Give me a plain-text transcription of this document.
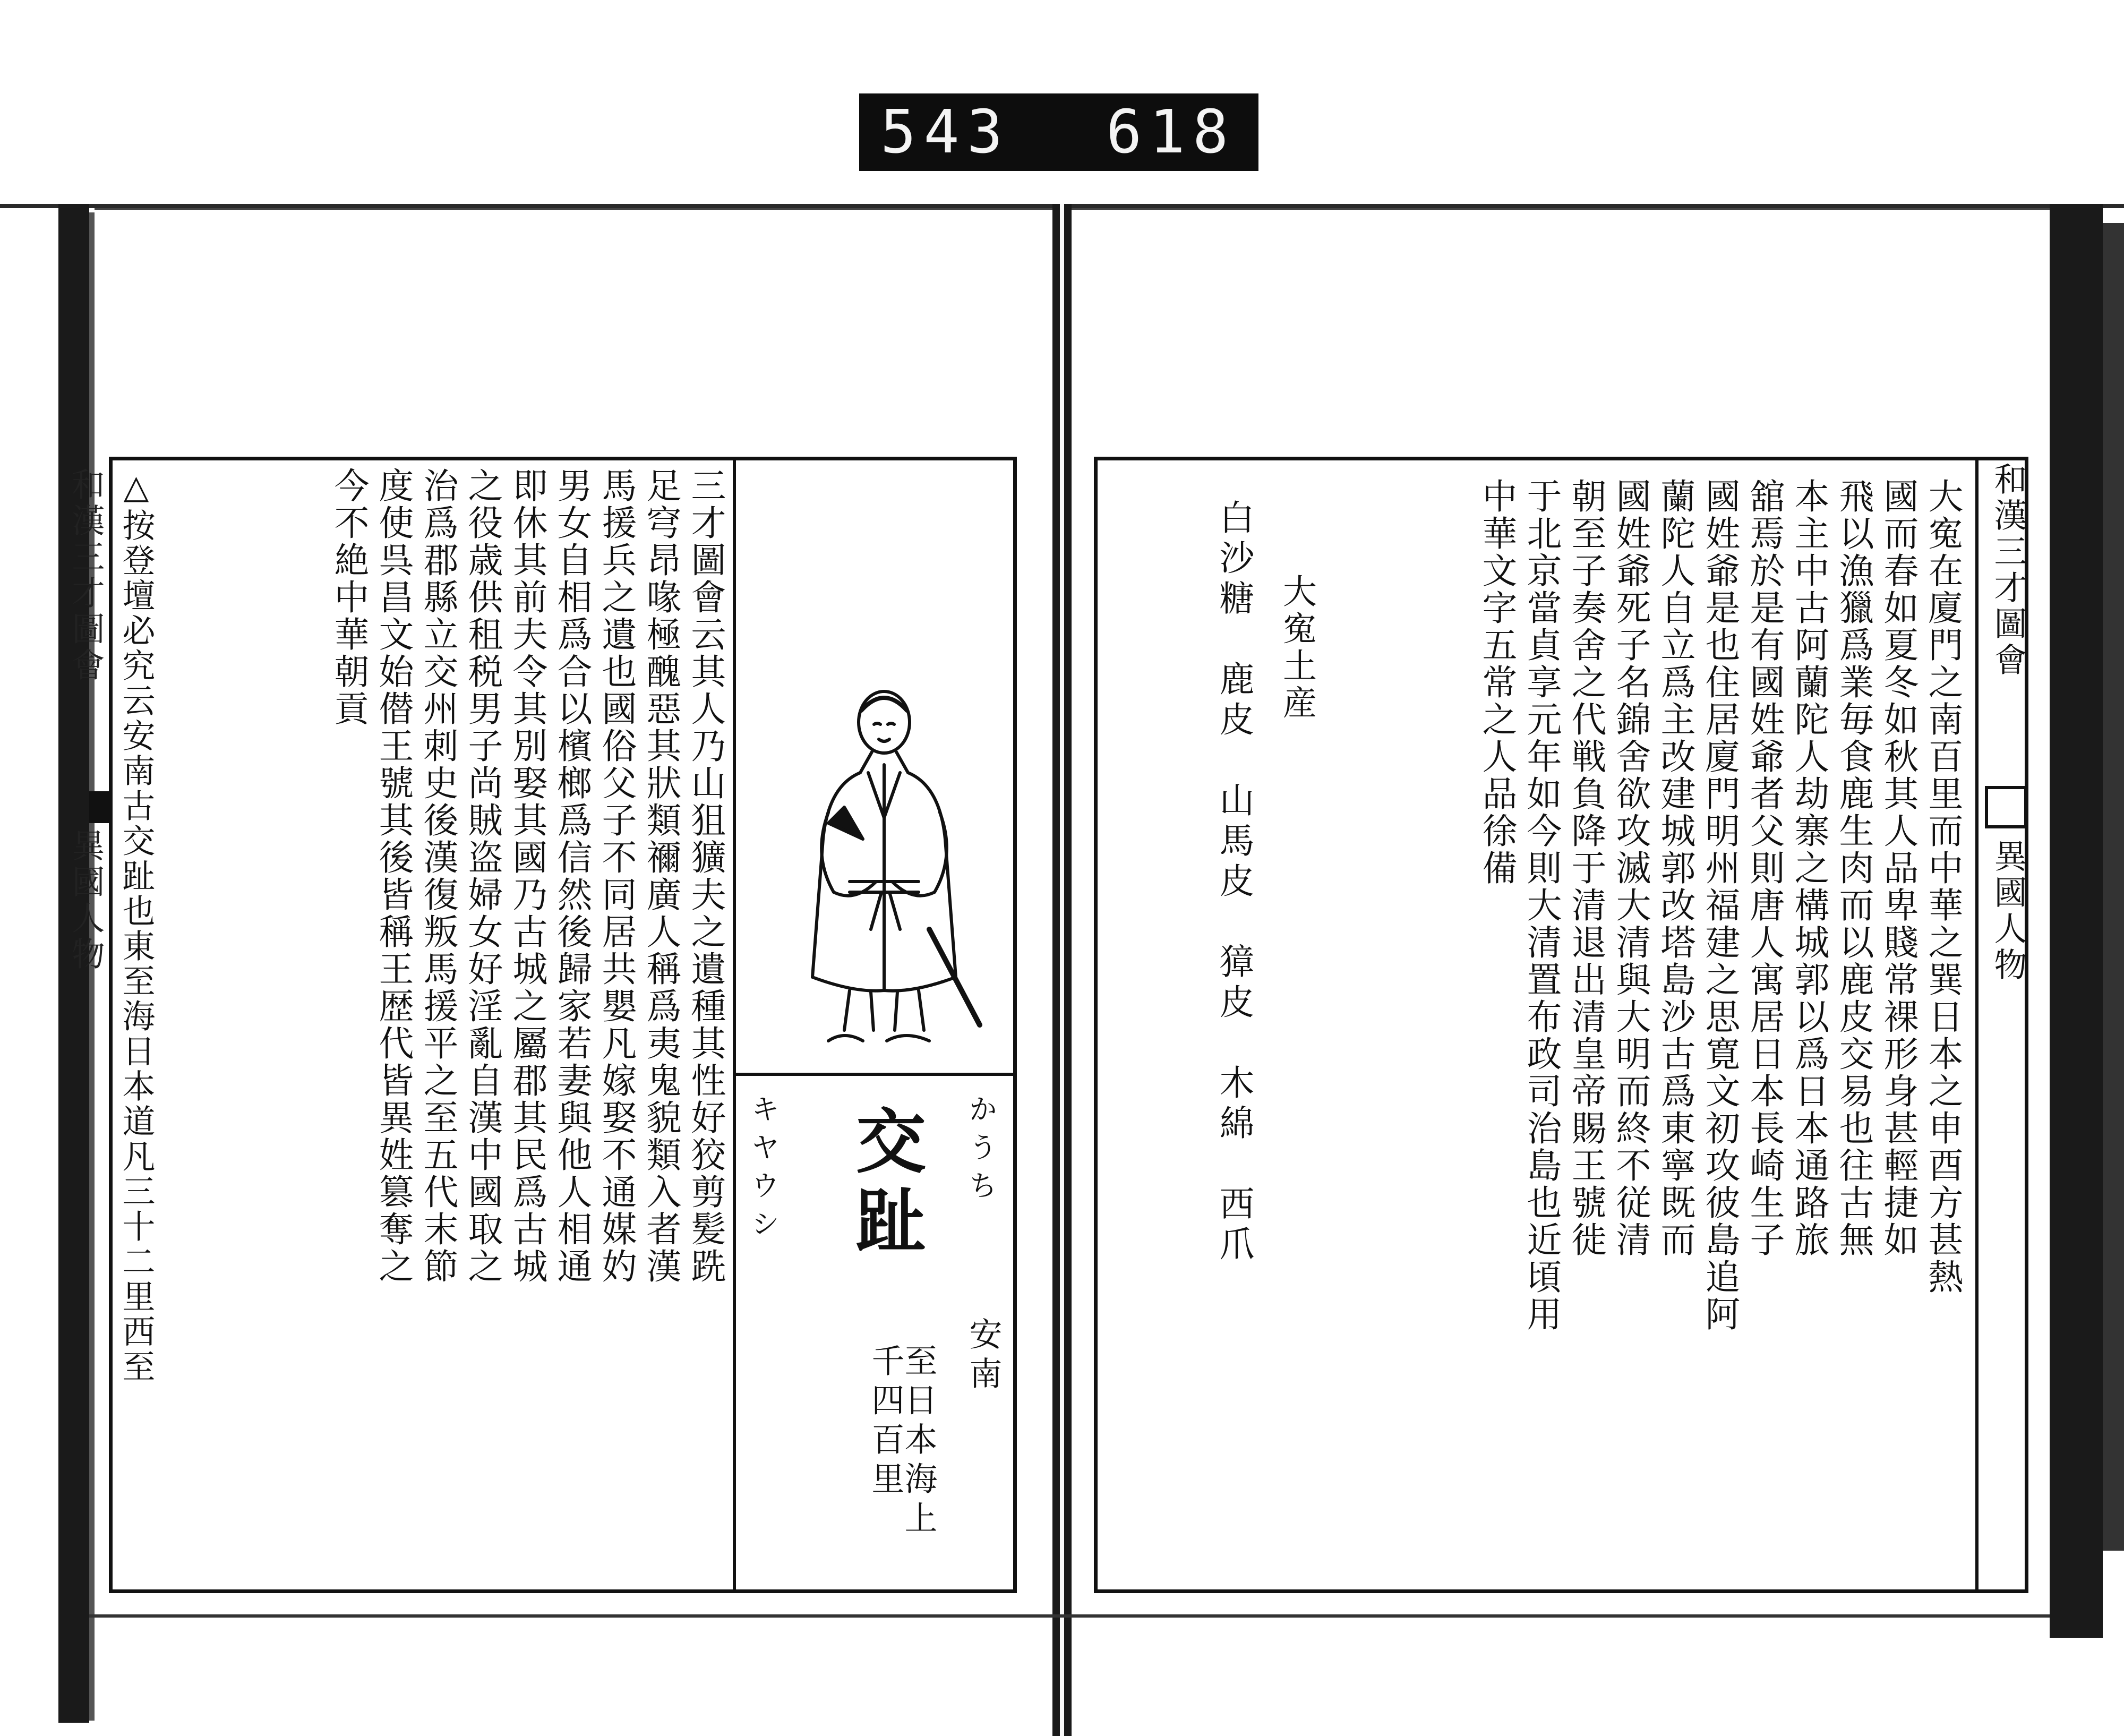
543 618
和漢三才圖會
異國人物	三才圖會云其人乃山狙獷夫之遺種其性好狡剪髪跣
足穹昂喙極醜惡其狀類禰廣人稱爲夷鬼貌類入者漢
馬援兵之遺也國俗父子不同居共嬰凡嫁娶不通媒妁
男女自相爲合以檳榔爲信然後歸家若妻與他人相通
即休其前夫令其別娶其國乃古城之屬郡其民爲古城
之役歳供租税男子尚賊盗婦女好淫亂自漢中國取之
治爲郡縣立交州刺史後漢復叛馬援平之至五代末節
度使呉昌文始僣王號其後皆稱王歴代皆異姓篡奪之
今不絶中華朝貢
交趾 かうち
キヤウシ
安南
至日本海上千四百里
和漢三才圖會
異國人物
大寃在廈門之南百里而中華之巽日本之申酉方甚熱
國而春如夏冬如秋其人品卑賤常裸形身甚輕捷如
飛以漁獵爲業毎食鹿生肉而以鹿皮交易也往古無
本主中古阿蘭陀人劫寨之構城郭以爲日本通路旅
舘焉於是有國姓爺者父則唐人寓居日本長崎生子
國姓爺是也住居廈門明州福建之思寛文初攻彼島追阿
蘭陀人自立爲主改建城郭改塔島沙古爲東寧既而
國姓爺死子名錦舍欲攻滅大清與大明而終不従清
朝至子奏舍之代戦負降于清退出清皇帝賜王號徙
于北京當貞享元年如今則大清置布政司治島也近頃用
中華文字五常之人品徐備
大寃土産
白沙糖　鹿皮　山馬皮　獐皮　木綿　西爪
△按登壇必究云安南古交趾也東至海日本道凡三十二里西至
